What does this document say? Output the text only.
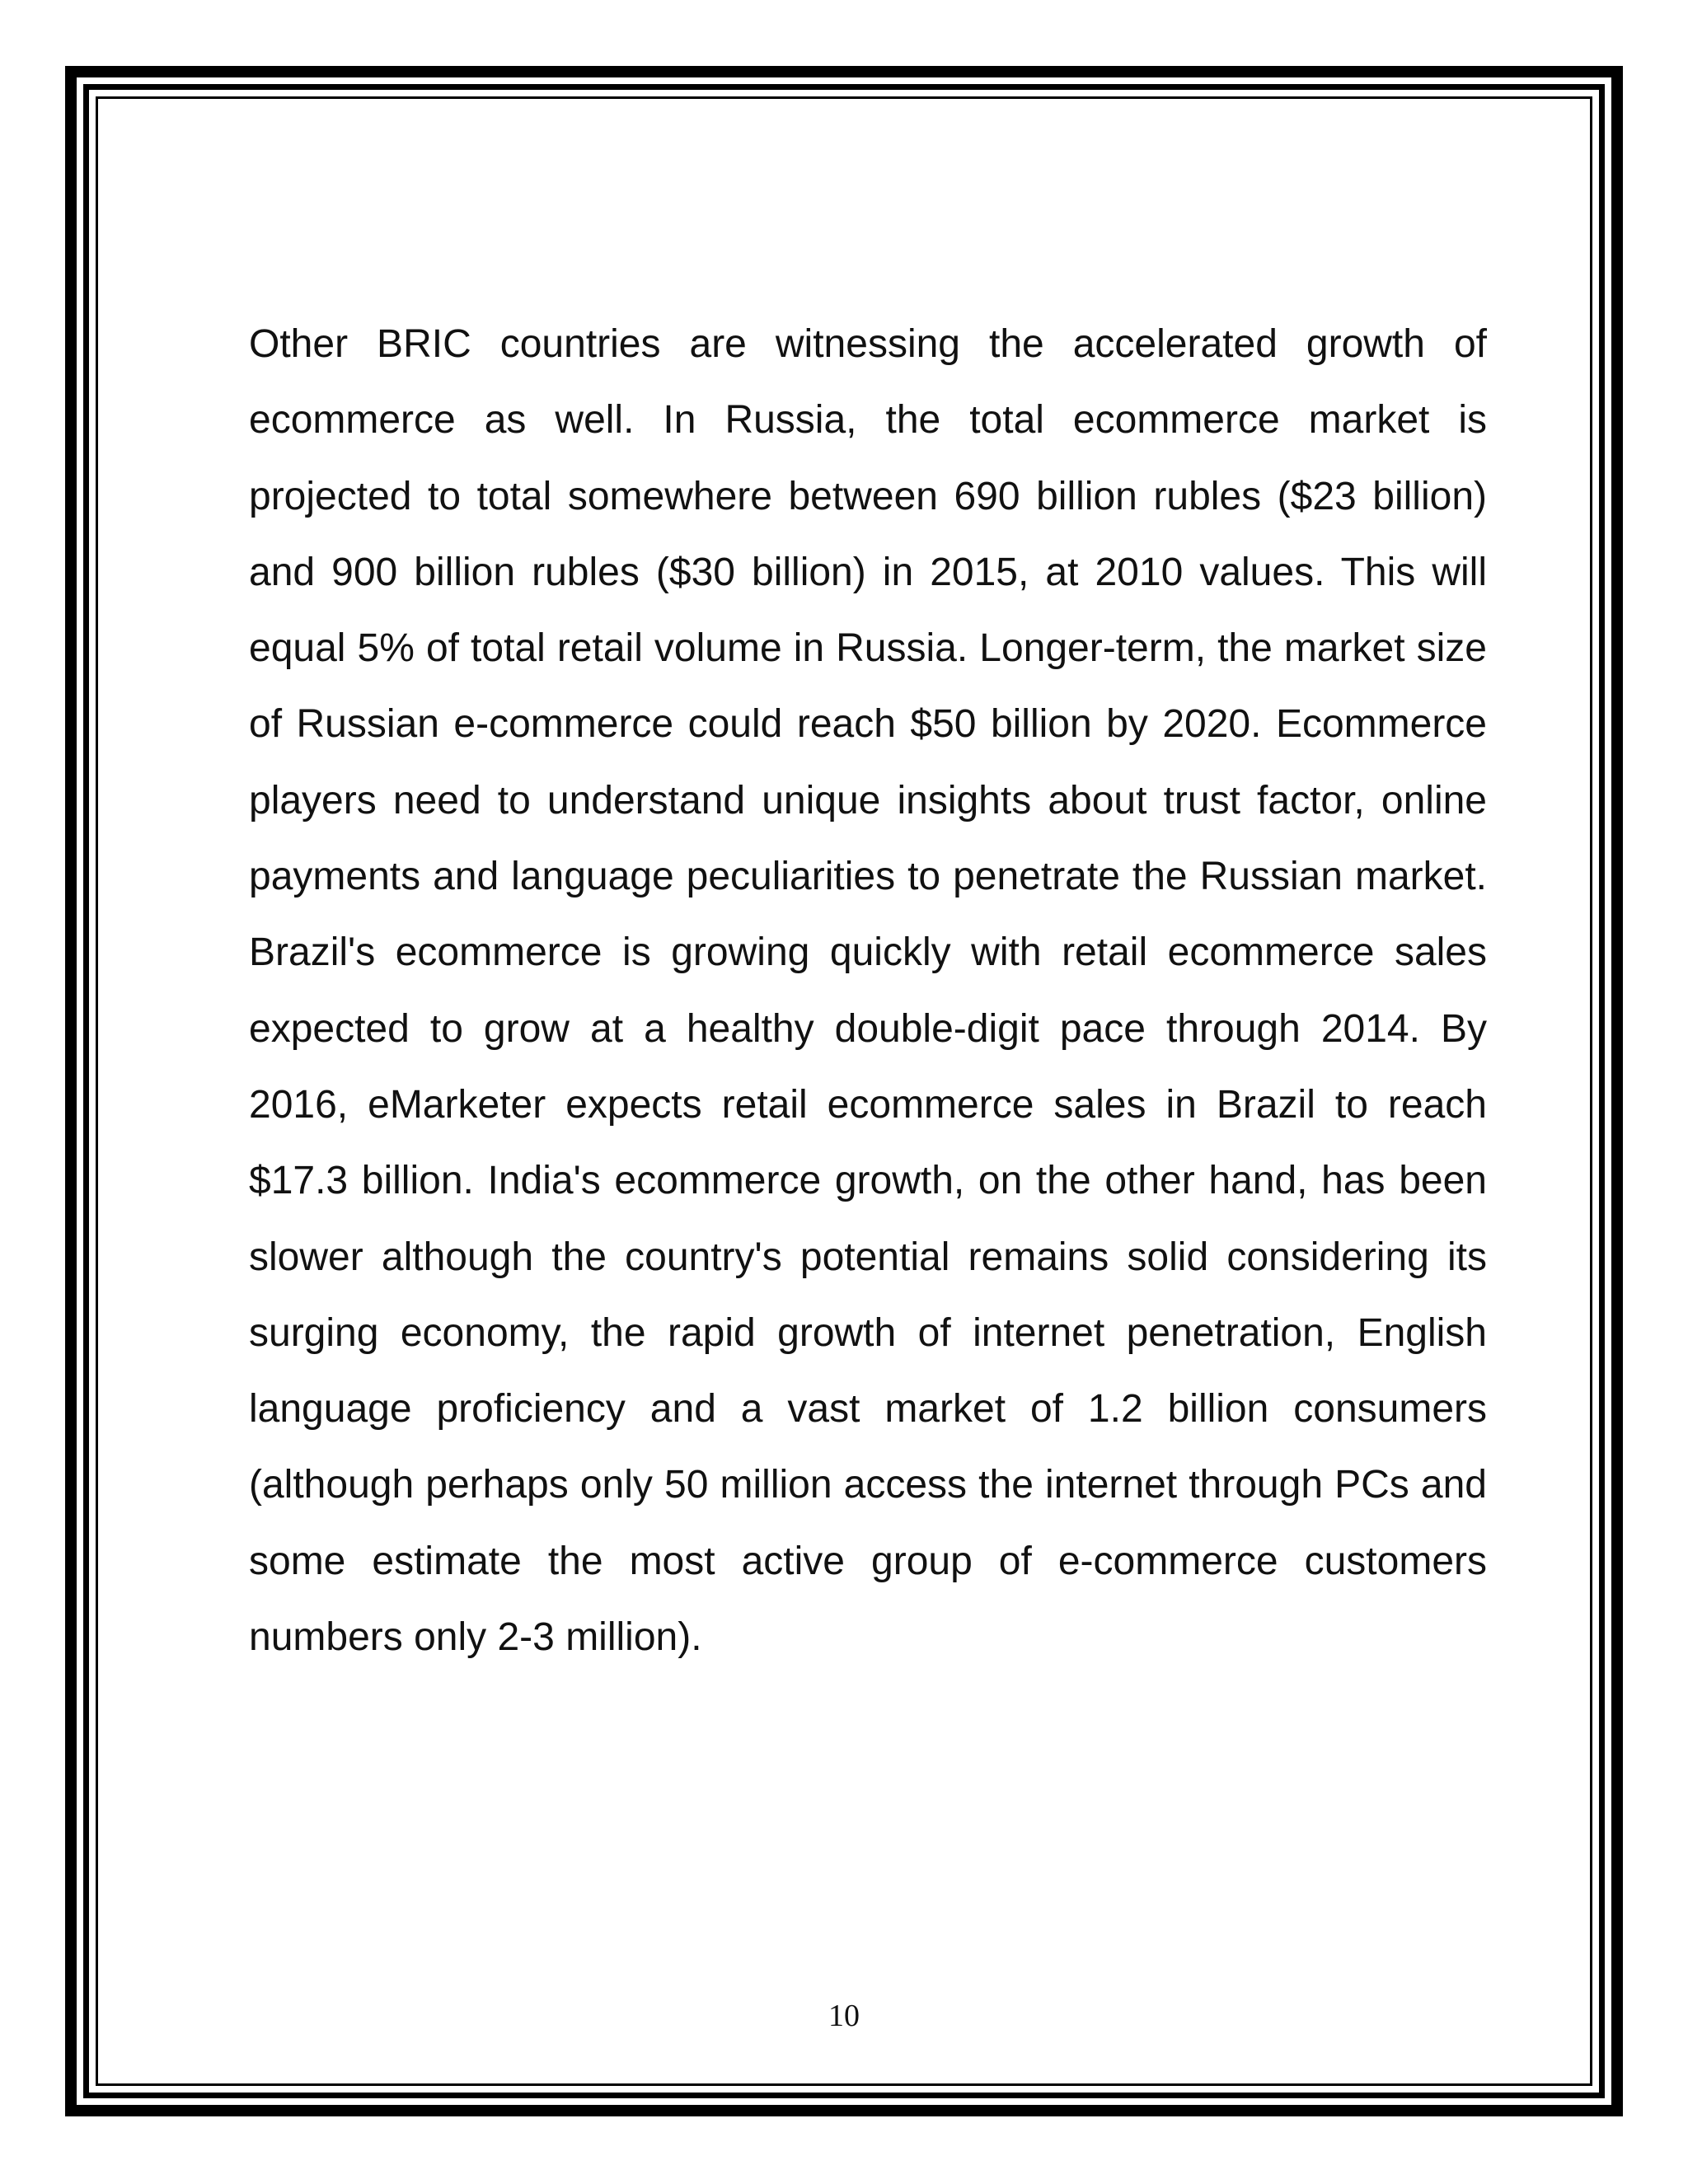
Other BRIC countries are witnessing the accelerated growth of ecommerce as well. In Russia, the total ecommerce market is projected to total somewhere between 690 billion rubles ($23 billion) and 900 billion rubles ($30 billion) in 2015, at 2010 values. This will equal 5% of total retail volume in Russia. Longer-term, the market size of Russian e-commerce could reach $50 billion by 2020. Ecommerce players need to understand unique insights about trust factor, online payments and language peculiarities to penetrate the Russian market. Brazil's ecommerce is growing quickly with retail ecommerce sales expected to grow at a healthy double-digit pace through 2014. By 2016, eMarketer expects retail ecommerce sales in Brazil to reach $17.3 billion. India's ecommerce growth, on the other hand, has been slower although the country's potential remains solid considering its surging economy, the rapid growth of internet penetration, English language proficiency and a vast market of 1.2 billion consumers (although perhaps only 50 million access the internet through PCs and some estimate the most active group of e-commerce customers numbers only 2-3 million).

10
